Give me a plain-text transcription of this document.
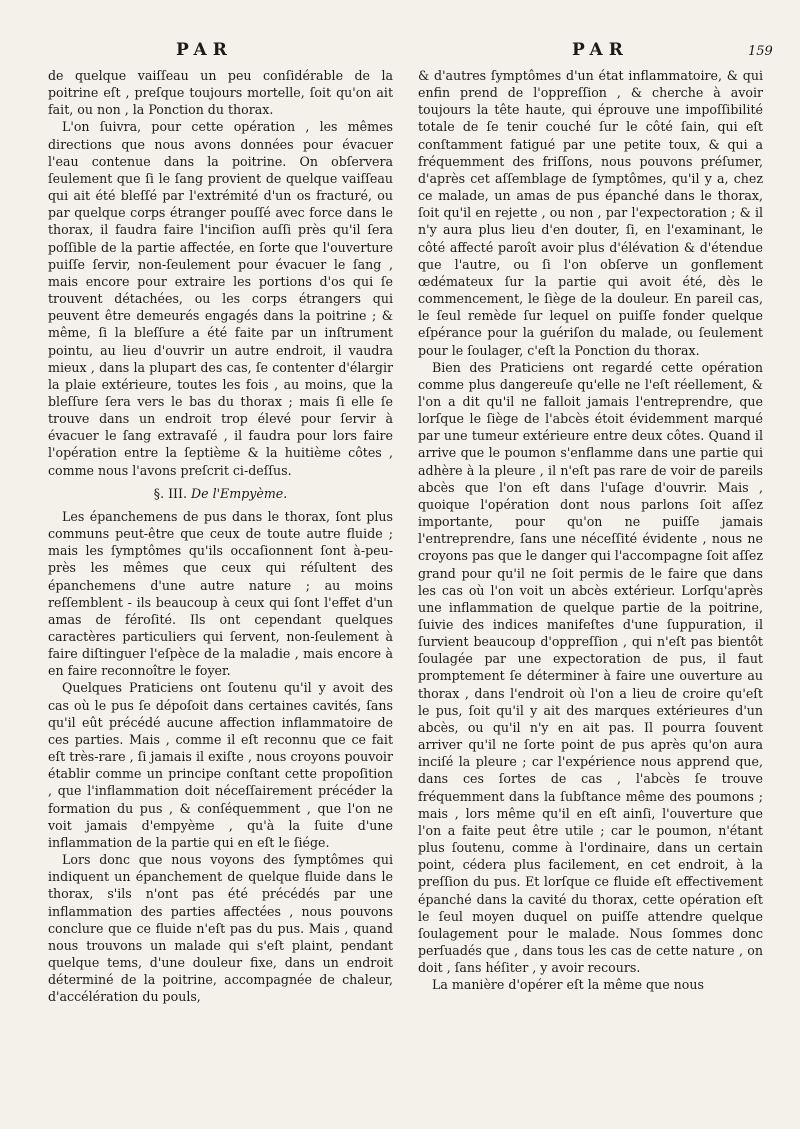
PAR	PAR	159

de quelque vaiſſeau un peu conſidérable de la poitrine eſt , preſque toujours mortelle, ſoit qu'on ait fait, ou non , la Ponction du thorax.

L'on ſuivra, pour cette opération , les mêmes directions que nous avons données pour évacuer l'eau contenue dans la poitrine. On obſervera ſeulement que ſi le ſang provient de quelque vaiſſeau qui ait été bleſſé par l'extrémité d'un os fracturé, ou par quelque corps étranger pouſſé avec force dans le thorax, il faudra faire l'inciſion auſſi près qu'il ſera poſſible de la partie affectée, en ſorte que l'ouverture puiſſe ſervir, non-ſeulement pour évacuer le ſang , mais encore pour extraire les portions d'os qui ſe trouvent détachées, ou les corps étrangers qui peuvent être demeurés engagés dans la poitrine ; & même, ſi la bleſſure a été faite par un inſtrument pointu, au lieu d'ouvrir un autre endroit, il vaudra mieux , dans la plupart des cas, ſe contenter d'élargir la plaie extérieure, toutes les fois , au moins, que la bleſſure ſera vers le bas du thorax ; mais ſi elle ſe trouve dans un endroit trop élevé pour ſervir à évacuer le ſang extravaſé , il faudra pour lors faire l'opération entre la ſeptième & la huitième côtes , comme nous l'avons preſcrit ci-deſſus.

§. III. De l'Empyème.

Les épanchemens de pus dans le thorax, ſont plus communs peut-être que ceux de toute autre fluide ; mais les ſymptômes qu'ils occaſionnent ſont à-peu-près les mêmes que ceux qui réſultent des épanchemens d'une autre nature ; au moins reſſemblent - ils beaucoup à ceux qui ſont l'effet d'un amas de féroſité. Ils ont cependant quelques caractères particuliers qui ſervent, non-ſeulement à faire diſtinguer l'eſpèce de la maladie , mais encore à en faire reconnoître le foyer.

Quelques Praticiens ont ſoutenu qu'il y avoit des cas où le pus ſe dépoſoit dans certaines cavités, ſans qu'il eût précédé aucune affection inflammatoire de ces parties. Mais , comme il eſt reconnu que ce fait eſt très-rare , ſi jamais il exiſte , nous croyons pouvoir établir comme un principe conſtant cette propoſition , que l'inflammation doit néceſſairement précéder la formation du pus , & conſéquemment , que l'on ne voit jamais d'empyème , qu'à la ſuite d'une inflammation de la partie qui en eſt le ſiége.

Lors donc que nous voyons des ſymptômes qui indiquent un épanchement de quelque fluide dans le thorax, s'ils n'ont pas été précédés par une inflammation des parties affectées , nous pouvons conclure que ce fluide n'eſt pas du pus. Mais , quand nous trouvons un malade qui s'eſt plaint, pendant quelque tems, d'une douleur fixe, dans un endroit déterminé de la poitrine, accompagnée de chaleur, d'accélération du pouls,

& d'autres ſymptômes d'un état inflammatoire, & qui enfin prend de l'oppreſſion , & cherche à avoir toujours la tête haute, qui éprouve une impoſſibilité totale de ſe tenir couché ſur le côté ſain, qui eſt conſtamment fatigué par une petite toux, & qui a fréquemment des friſſons, nous pouvons préſumer, d'après cet aſſemblage de ſymptômes, qu'il y a, chez ce malade, un amas de pus épanché dans le thorax, ſoit qu'il en rejette , ou non , par l'expectoration ; & il n'y aura plus lieu d'en douter, ſi, en l'examinant, le côté affecté paroît avoir plus d'élévation & d'étendue que l'autre, ou ſi l'on obſerve un gonflement œdémateux ſur la partie qui avoit été, dès le commencement, le ſiège de la douleur. En pareil cas, le ſeul remède ſur lequel on puiſſe fonder quelque eſpérance pour la guériſon du malade, ou ſeulement pour le ſoulager, c'eſt la Ponction du thorax.

Bien des Praticiens ont regardé cette opération comme plus dangereuſe qu'elle ne l'eſt réellement, & l'on a dit qu'il ne falloit jamais l'entreprendre, que lorſque le ſiège de l'abcès étoit évidemment marqué par une tumeur extérieure entre deux côtes. Quand il arrive que le poumon s'enflamme dans une partie qui adhère à la pleure , il n'eſt pas rare de voir de pareils abcès que l'on eſt dans l'uſage d'ouvrir. Mais , quoique l'opération dont nous parlons ſoit aſſez importante, pour qu'on ne puiſſe jamais l'entreprendre, ſans une néceſſité évidente , nous ne croyons pas que le danger qui l'accompagne ſoit aſſez grand pour qu'il ne ſoit permis de le faire que dans les cas où l'on voit un abcès extérieur. Lorſqu'après une inflammation de quelque partie de la poitrine, ſuivie des indices manifeſtes d'une ſuppuration, il ſurvient beaucoup d'oppreſſion , qui n'eſt pas bientôt ſoulagée par une expectoration de pus, il faut promptement ſe déterminer à faire une ouverture au thorax , dans l'endroit où l'on a lieu de croire qu'eſt le pus, ſoit qu'il y ait des marques extérieures d'un abcès, ou qu'il n'y en ait pas. Il pourra ſouvent arriver qu'il ne ſorte point de pus après qu'on aura inciſé la pleure ; car l'expérience nous apprend que, dans ces ſortes de cas , l'abcès ſe trouve fréquemment dans la ſubſtance même des poumons ; mais , lors même qu'il en eſt ainſi, l'ouverture que l'on a faite peut être utile ; car le poumon, n'étant plus ſoutenu, comme à l'ordinaire, dans un certain point, cédera plus facilement, en cet endroit, à la preſſion du pus. Et lorſque ce fluide eſt effectivement épanché dans la cavité du thorax, cette opération eſt le ſeul moyen duquel on puiſſe attendre quelque ſoulagement pour le malade. Nous ſommes donc perſuadés que , dans tous les cas de cette nature , on doit , ſans héſiter , y avoir recours.

La manière d'opérer eſt la même que nous
